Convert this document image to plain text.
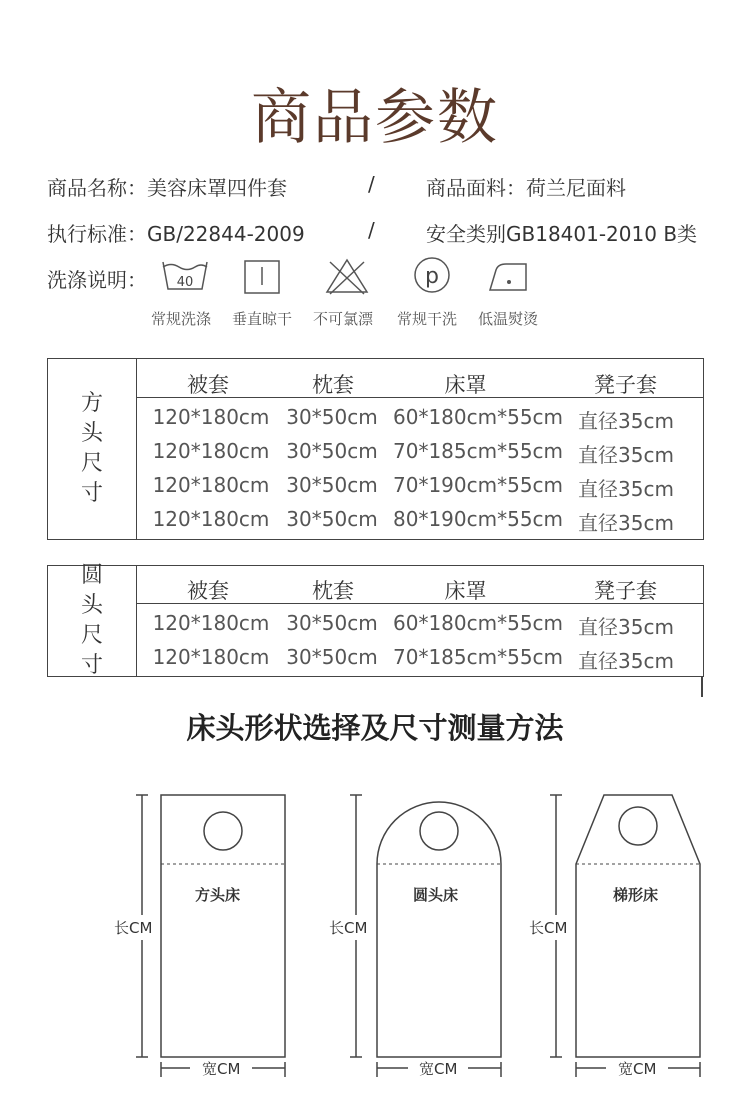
商品参数
商品名称：美容床罩四件套	/	商品面料：荷兰尼面料
执行标准：GB/22844-2009	/	安全类别GB18401-2010 B类
洗涤说明： 40	p
常规洗涤 垂直晾干 不可氯漂 常规干洗 低温熨烫
方
头
尺
寸
被套	枕套	床罩	凳子套
120*180cm 30*50cm 60*180cm*55cm 直径35cm
120*180cm 30*50cm 70*185cm*55cm 直径35cm
120*180cm 30*50cm 70*190cm*55cm 直径35cm
120*180cm 30*50cm 80*190cm*55cm 直径35cm
圆
头
尺
寸
被套	枕套	床罩	凳子套
120*180cm 30*50cm 60*180cm*55cm 直径35cm
120*180cm 30*50cm 70*185cm*55cm 直径35cm
床头形状选择及尺寸测量方法
方头床	圆头床	梯形床
长CM	长CM	长CM
宽CM	宽CM	宽CM
